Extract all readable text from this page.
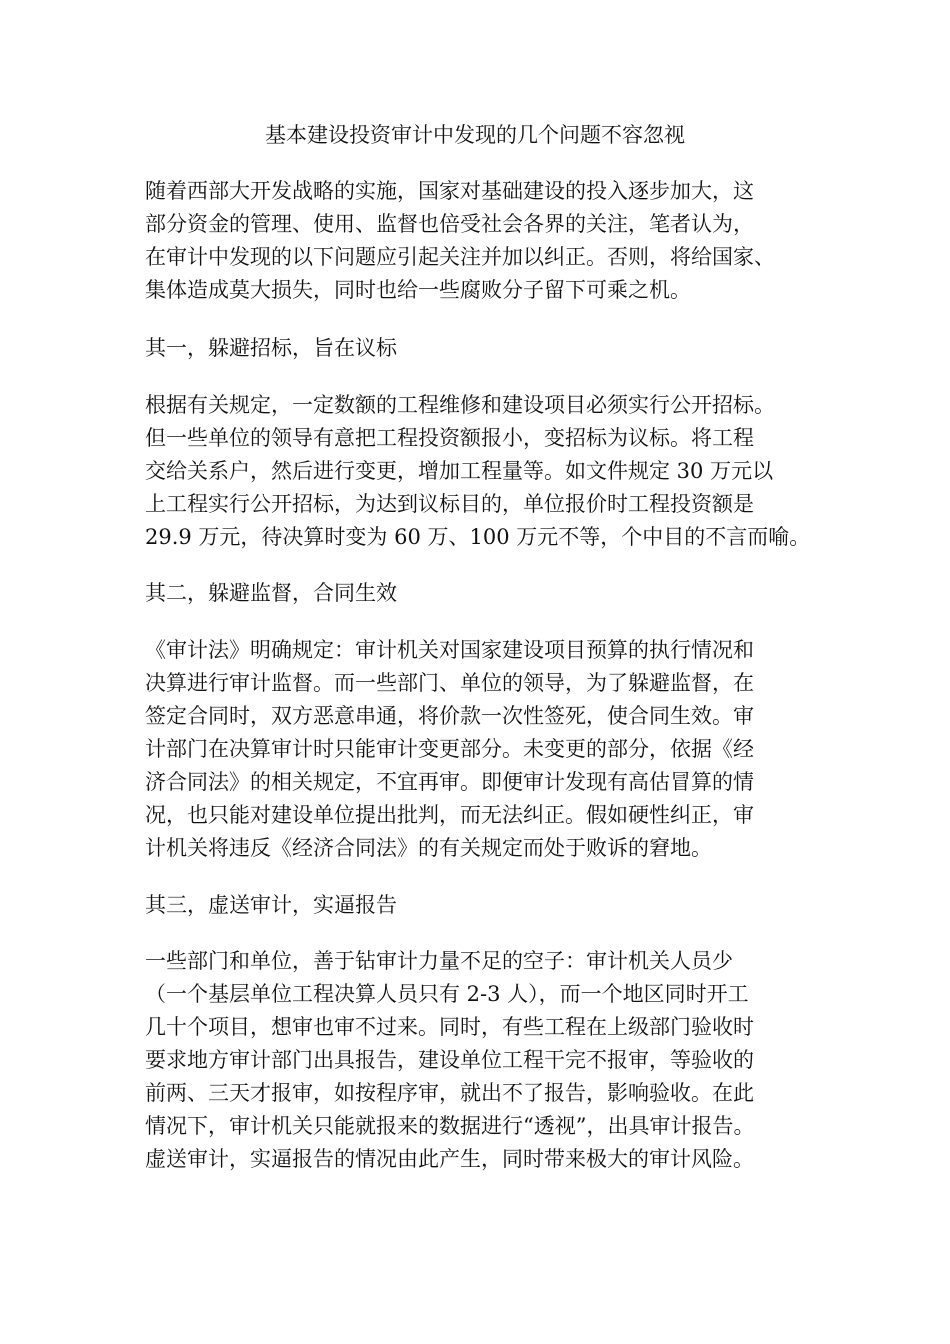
基本建设投资审计中发现的几个问题不容忽视
随着西部大开发战略的实施，国家对基础建设的投入逐步加大，这
部分资金的管理、使用、监督也倍受社会各界的关注，笔者认为，
在审计中发现的以下问题应引起关注并加以纠正。否则，将给国家、
集体造成莫大损失，同时也给一些腐败分子留下可乘之机。
其一，躲避招标，旨在议标
根据有关规定，一定数额的工程维修和建设项目必须实行公开招标。
但一些单位的领导有意把工程投资额报小，变招标为议标。将工程
交给关系户，然后进行变更，增加工程量等。如文件规定 30 万元以
上工程实行公开招标，为达到议标目的，单位报价时工程投资额是
29.9 万元，待决算时变为 60 万、100 万元不等，个中目的不言而喻。
其二，躲避监督，合同生效
《审计法》明确规定：审计机关对国家建设项目预算的执行情况和
决算进行审计监督。而一些部门、单位的领导，为了躲避监督，在
签定合同时，双方恶意串通，将价款一次性签死，使合同生效。审
计部门在决算审计时只能审计变更部分。未变更的部分，依据《经
济合同法》的相关规定，不宜再审。即便审计发现有高估冒算的情
况，也只能对建设单位提出批判，而无法纠正。假如硬性纠正，审
计机关将违反《经济合同法》的有关规定而处于败诉的窘地。
其三，虚送审计，实逼报告
一些部门和单位，善于钻审计力量不足的空子：审计机关人员少
（一个基层单位工程决算人员只有 2-3 人），而一个地区同时开工
几十个项目，想审也审不过来。同时，有些工程在上级部门验收时
要求地方审计部门出具报告，建设单位工程干完不报审，等验收的
前两、三天才报审，如按程序审，就出不了报告，影响验收。在此
情况下，审计机关只能就报来的数据进行“透视”，出具审计报告。
虚送审计，实逼报告的情况由此产生，同时带来极大的审计风险。
